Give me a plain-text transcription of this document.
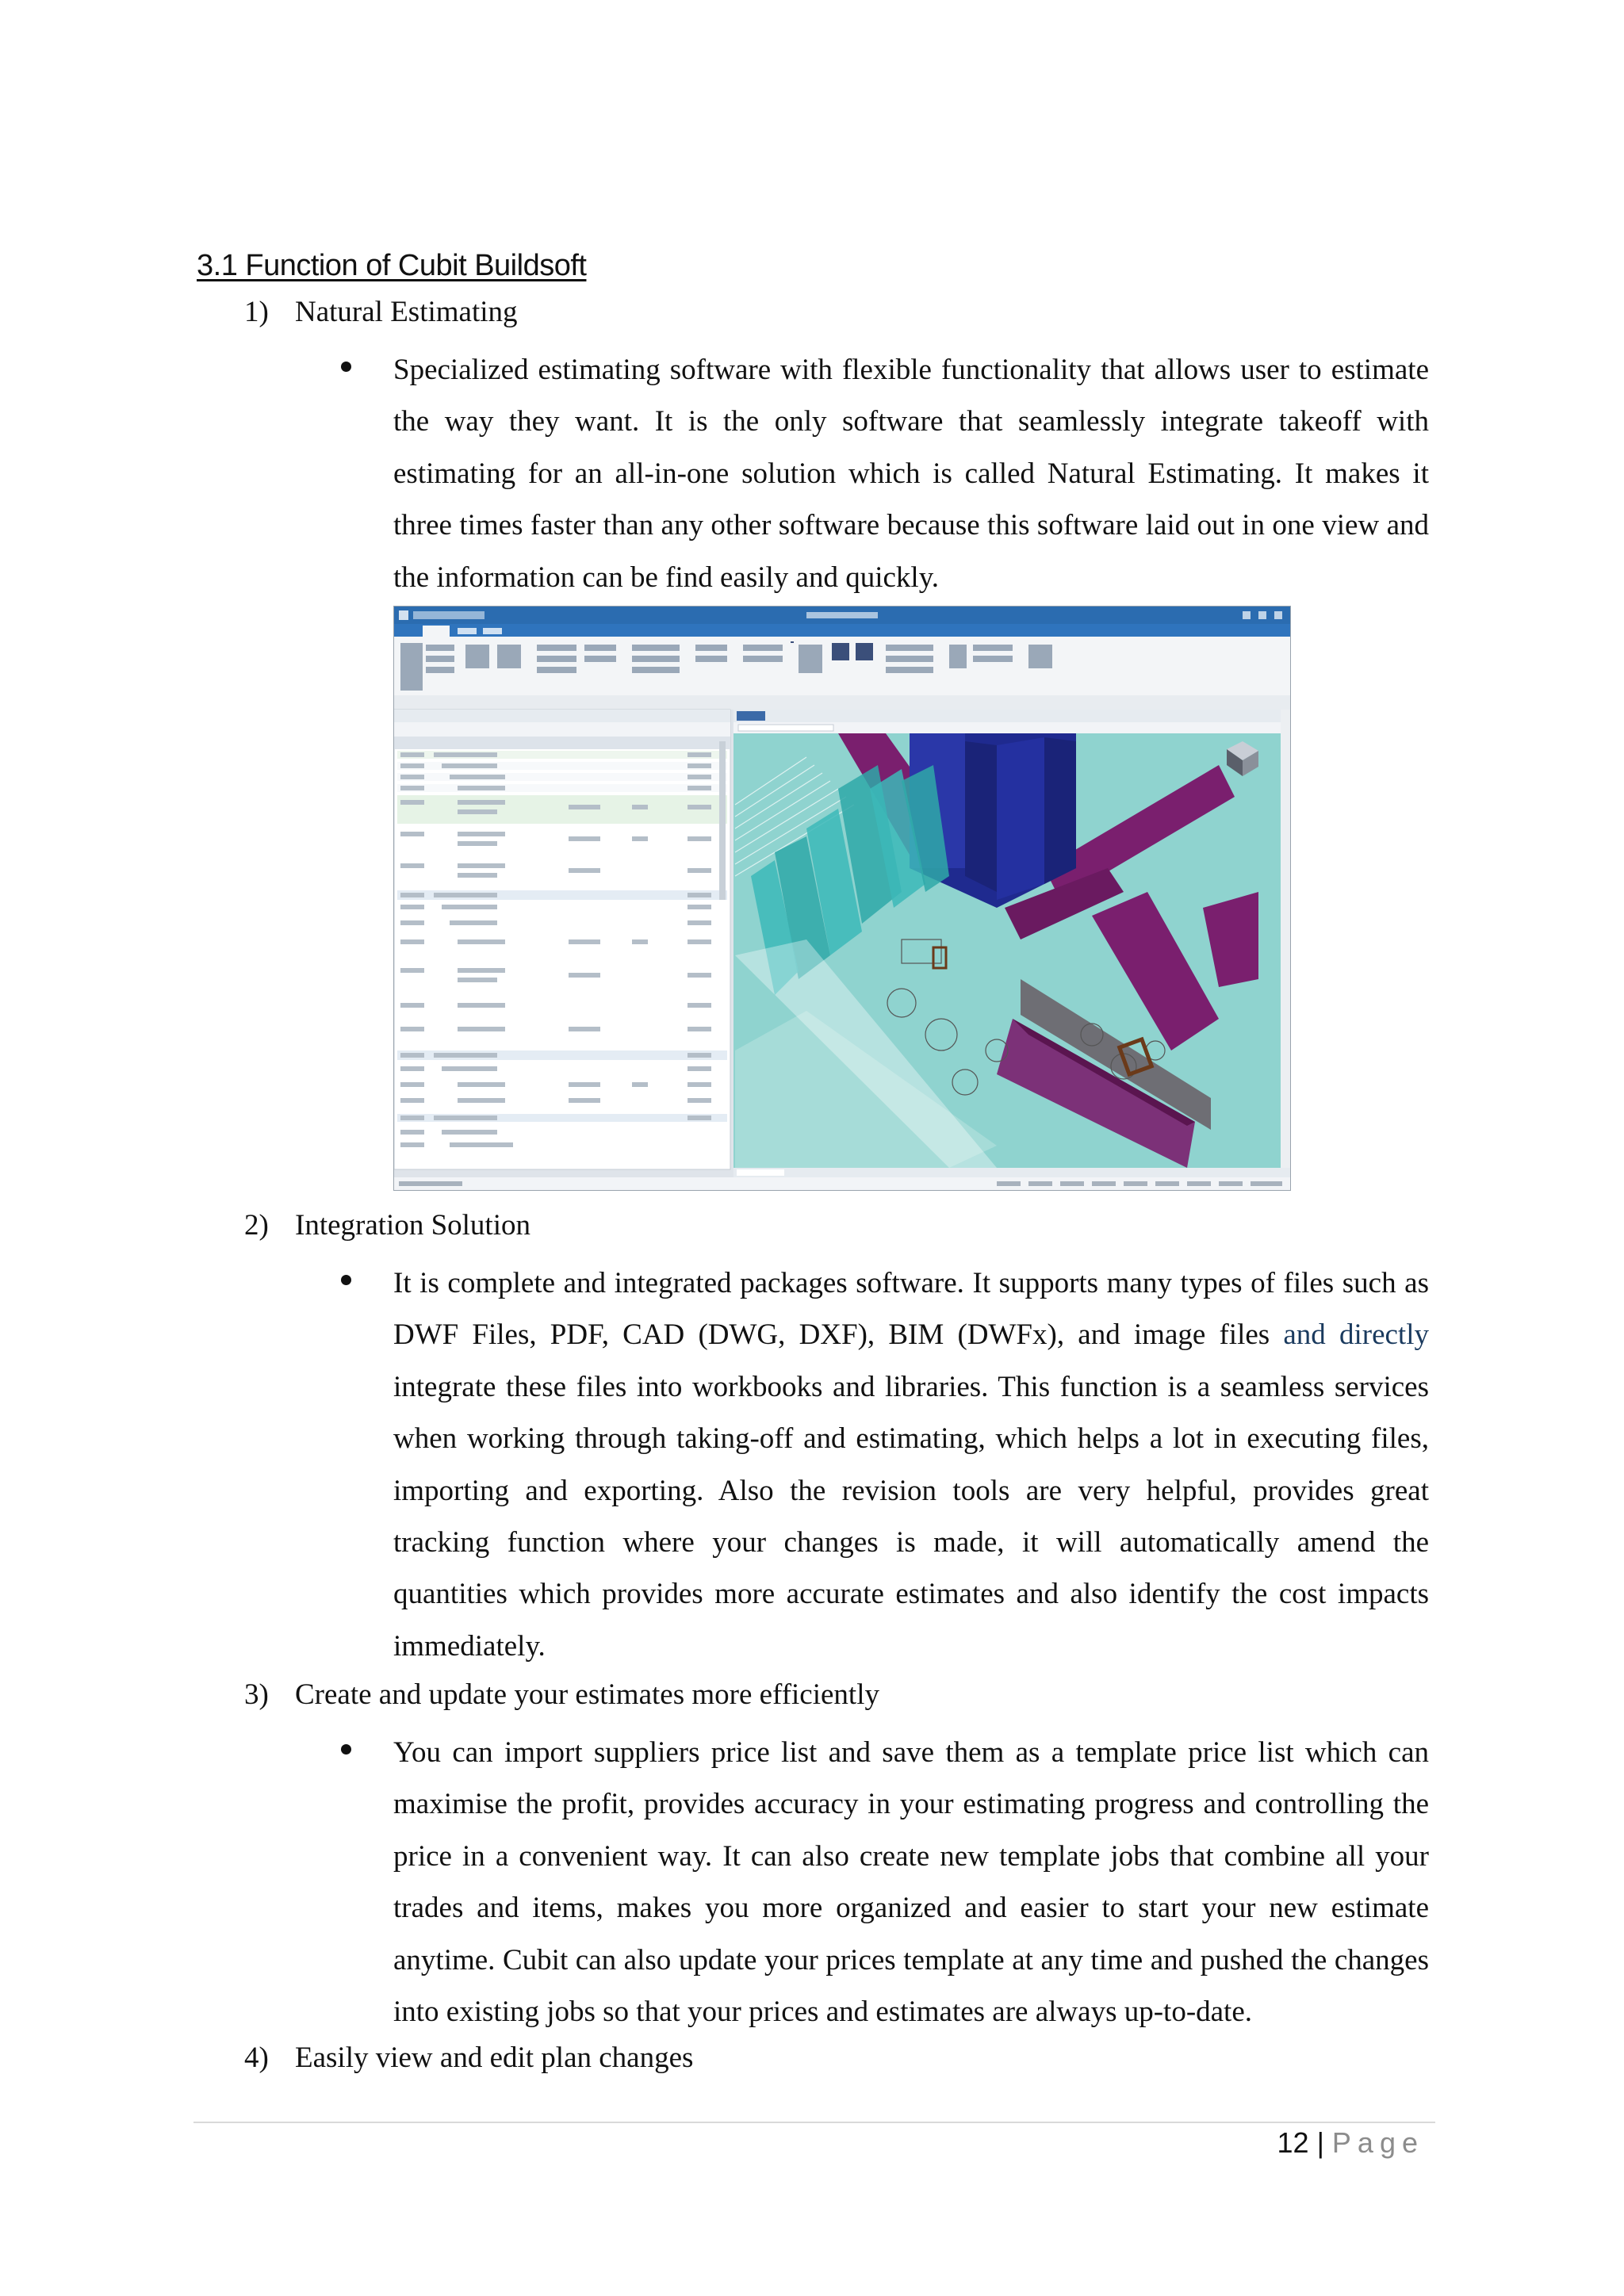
3.1 Function of Cubit Buildsoft
1) Natural Estimating

Specialized estimating software with flexible functionality that allows user to estimate the way they want. It is the only software that seamlessly integrate takeoff with estimating for an all-in-one solution which is called Natural Estimating. It makes it three times faster than any other software because this software laid out in one view and the information can be find easily and quickly.

2) Integration Solution

It is complete and integrated packages software. It supports many types of files such as DWF Files, PDF, CAD (DWG, DXF), BIM (DWFx), and image files and directly integrate these files into workbooks and libraries. This function is a seamless services when working through taking-off and estimating, which helps a lot in executing files, importing and exporting. Also the revision tools are very helpful, provides great tracking function where your changes is made, it will automatically amend the quantities which provides more accurate estimates and also identify the cost impacts immediately.

3) Create and update your estimates more efficiently

You can import suppliers price list and save them as a template price list which can maximise the profit, provides accuracy in your estimating progress and controlling the price in a convenient way. It can also create new template jobs that combine all your trades and items, makes you more organized and easier to start your new estimate anytime. Cubit can also update your prices template at any time and pushed the changes into existing jobs so that your prices and estimates are always up-to-date.

4) Easily view and edit plan changes
12 | Page
